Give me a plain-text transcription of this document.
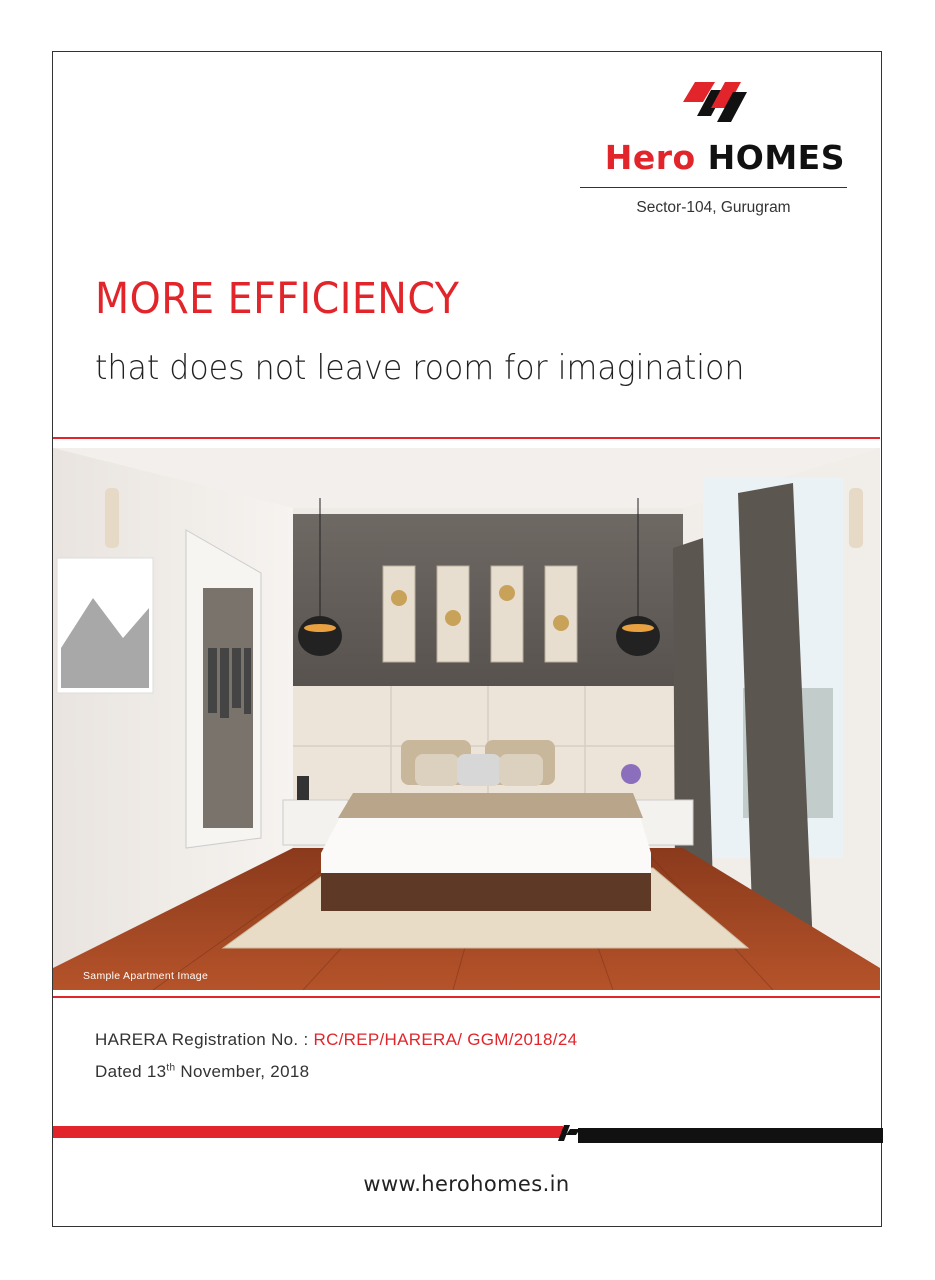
Hero HOMES
Sector-104, Gurugram
MORE EFFICIENCY
that does not leave room for imagination
Sample Apartment Image
HARERA Registration No. : RC/REP/HARERA/ GGM/2018/24
Dated 13th November, 2018
www.herohomes.in
